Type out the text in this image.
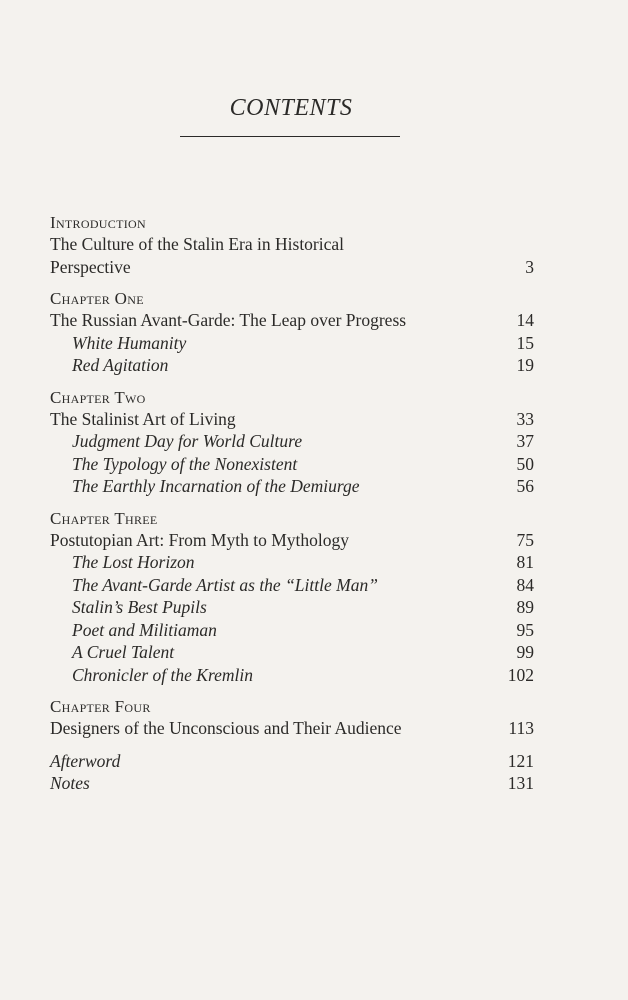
CONTENTS
Introduction
The Culture of the Stalin Era in Historical Perspective	3
Chapter One
The Russian Avant-Garde: The Leap over Progress	14
White Humanity	15
Red Agitation	19
Chapter Two
The Stalinist Art of Living	33
Judgment Day for World Culture	37
The Typology of the Nonexistent	50
The Earthly Incarnation of the Demiurge	56
Chapter Three
Postutopian Art: From Myth to Mythology	75
The Lost Horizon	81
The Avant-Garde Artist as the “Little Man”	84
Stalin’s Best Pupils	89
Poet and Militiaman	95
A Cruel Talent	99
Chronicler of the Kremlin	102
Chapter Four
Designers of the Unconscious and Their Audience	113
Afterword	121
Notes	131
